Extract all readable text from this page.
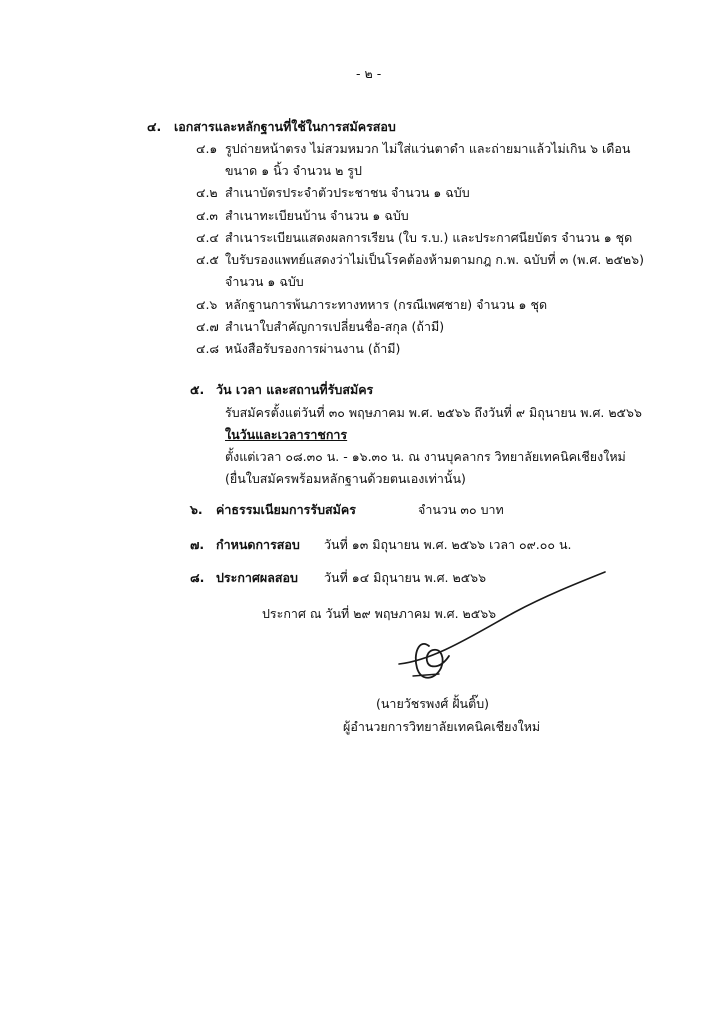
- ๒ -
๔. เอกสารและหลักฐานที่ใช้ในการสมัครสอบ
๔.๑ รูปถ่ายหน้าตรง ไม่สวมหมวก ไม่ใส่แว่นตาดำ และถ่ายมาแล้วไม่เกิน ๖ เดือน
ขนาด ๑ นิ้ว จำนวน ๒ รูป
๔.๒ สำเนาบัตรประจำตัวประชาชน จำนวน ๑ ฉบับ
๔.๓ สำเนาทะเบียนบ้าน จำนวน ๑ ฉบับ
๔.๔ สำเนาระเบียนแสดงผลการเรียน (ใบ ร.บ.) และประกาศนียบัตร จำนวน ๑ ชุด
๔.๕ ใบรับรองแพทย์แสดงว่าไม่เป็นโรคต้องห้ามตามกฎ ก.พ. ฉบับที่ ๓ (พ.ศ. ๒๕๒๖)
จำนวน ๑ ฉบับ
๔.๖ หลักฐานการพ้นภาระทางทหาร (กรณีเพศชาย) จำนวน ๑ ชุด
๔.๗ สำเนาใบสำคัญการเปลี่ยนชื่อ-สกุล (ถ้ามี)
๔.๘ หนังสือรับรองการผ่านงาน (ถ้ามี)
๕. วัน เวลา และสถานที่รับสมัคร
รับสมัครตั้งแต่วันที่ ๓๐ พฤษภาคม พ.ศ. ๒๕๖๖ ถึงวันที่ ๙ มิถุนายน พ.ศ. ๒๕๖๖
ในวันและเวลาราชการ
ตั้งแต่เวลา ๐๘.๓๐ น. - ๑๖.๓๐ น. ณ งานบุคลากร วิทยาลัยเทคนิคเชียงใหม่
(ยื่นใบสมัครพร้อมหลักฐานด้วยตนเองเท่านั้น)
๖. ค่าธรรมเนียมการรับสมัคร	จำนวน ๓๐ บาท
๗. กำหนดการสอบ วันที่ ๑๓ มิถุนายน พ.ศ. ๒๕๖๖ เวลา ๐๙.๐๐ น.
๘. ประกาศผลสอบ วันที่ ๑๔ มิถุนายน พ.ศ. ๒๕๖๖
ประกาศ ณ วันที่ ๒๙ พฤษภาคม พ.ศ. ๒๕๖๖
(นายวัชรพงศ์ ฝั้นติ๊บ)
ผู้อำนวยการวิทยาลัยเทคนิคเชียงใหม่
